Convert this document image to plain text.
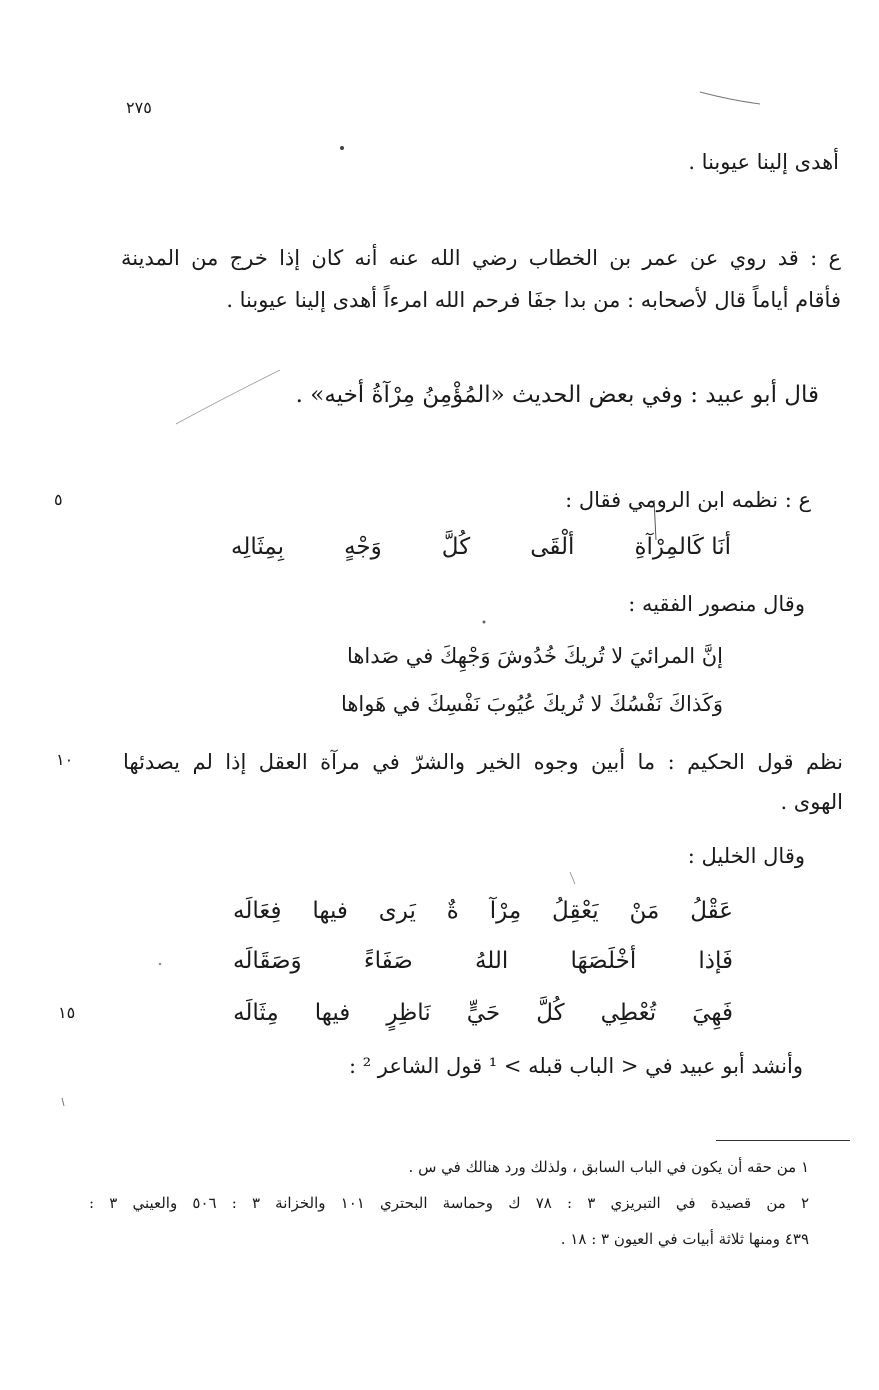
٢٧٥
٥
١٠
١٥
أهدى إلينا عيوبنا .
ع : قد روي عن عمر بن الخطاب رضي الله عنه أنه كان إذا خرج من المدينة
فأقام أياماً قال لأصحابه : من بدا جفَا فرحم الله امرءاً أهدى إلينا عيوبنا .
قال أبو عبيد : وفي بعض الحديث «المُؤْمِنُ مِرْآةُ أخيه» .
ع : نظمه ابن الرومي فقال :
أنَا كَالمِرْآةِ
ألْقَى
كُلَّ
وَجْهٍ
بِمِثَالِه
وقال منصور الفقيه :
إنَّ المرائيَ لا تُريكَ خُدُوشَ وَجْهِكَ في صَداها
وَكَذاكَ نَفْسُكَ لا تُريكَ عُيُوبَ نَفْسِكَ في هَواها
نظم قول الحكيم : ما أبين وجوه الخير والشرّ في مرآة العقل إذا لم يصدئها
الهوى .
وقال الخليل :
عَقْلُ
مَنْ
يَعْقِلُ
مِرْآ
ةٌ
يَرى
فيها
فِعَالَه
فَإذا
أخْلَصَهَا
اللهُ
صَفَاءً
وَصَقَالَه
فَهِيَ
تُعْطِي
كُلَّ
حَيٍّ
نَاظِرٍ
فيها
مِثَالَه
وأنشد أبو عبيد في < الباب قبله > ¹ قول الشاعر ² :
١ من حقه أن يكون في الباب السابق ، ولذلك ورد هنالك في س .
٢ من قصيدة في التبريزي ٣ : ٧٨ ك وحماسة البحتري ١٠١ والخزانة ٣ : ٥٠٦ والعيني ٣ :
٤٣٩ ومنها ثلاثة أبيات في العيون ٣ : ١٨ .
